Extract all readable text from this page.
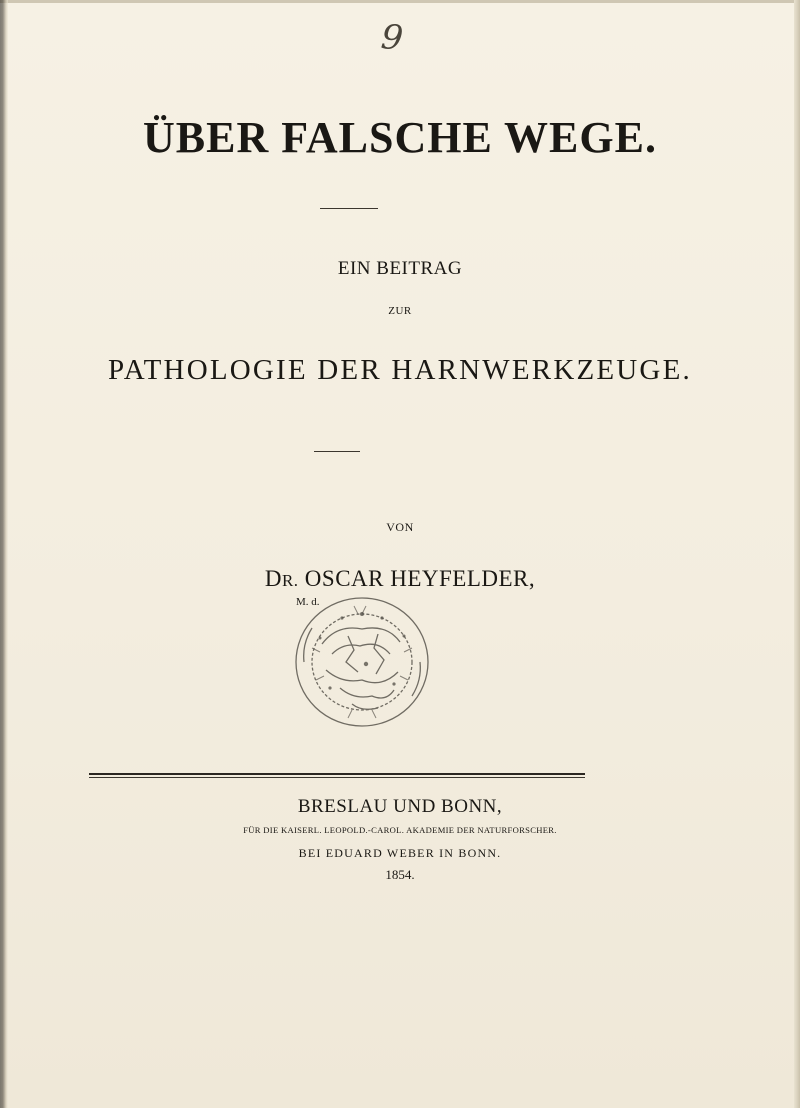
9
ÜBER FALSCHE WEGE.
EIN BEITRAG
ZUR
PATHOLOGIE DER HARNWERKZEUGE.
VON
DR. OSCAR HEYFELDER,
M. d.
BRESLAU UND BONN,
FÜR DIE KAISERL. LEOPOLD.-CAROL. AKADEMIE DER NATURFORSCHER.
BEI EDUARD WEBER IN BONN.
1854.
